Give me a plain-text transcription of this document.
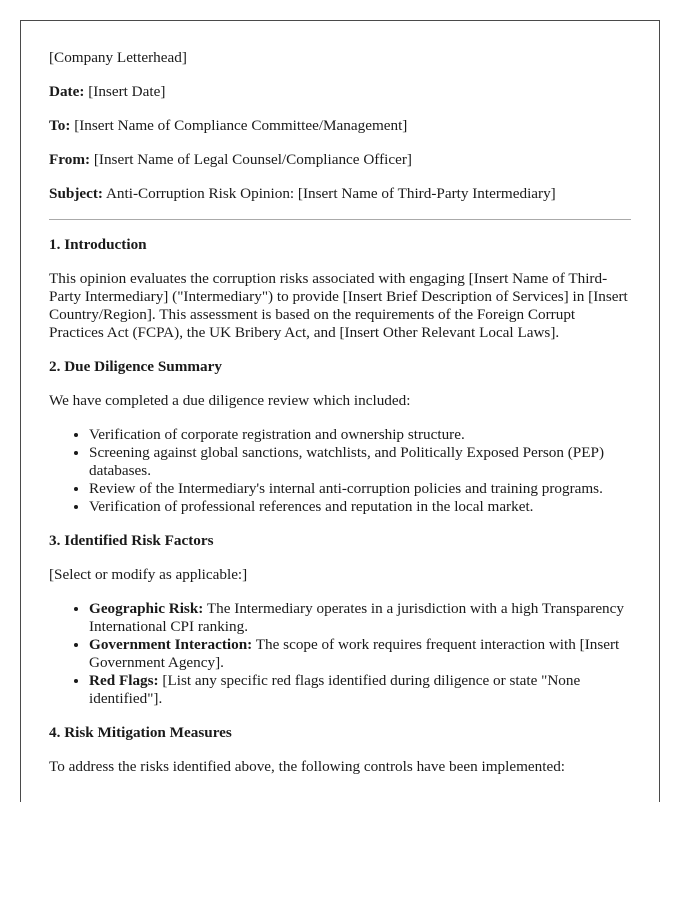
[Company Letterhead]
Date: [Insert Date]
To: [Insert Name of Compliance Committee/Management]
From: [Insert Name of Legal Counsel/Compliance Officer]
Subject: Anti-Corruption Risk Opinion: [Insert Name of Third-Party Intermediary]
1. Introduction

This opinion evaluates the corruption risks associated with engaging [Insert Name of Third-Party Intermediary] ("Intermediary") to provide [Insert Brief Description of Services] in [Insert Country/Region]. This assessment is based on the requirements of the Foreign Corrupt Practices Act (FCPA), the UK Bribery Act, and [Insert Other Relevant Local Laws].

2. Due Diligence Summary

We have completed a due diligence review which included:

• Verification of corporate registration and ownership structure.
• Screening against global sanctions, watchlists, and Politically Exposed Person (PEP) databases.
• Review of the Intermediary's internal anti-corruption policies and training programs.
• Verification of professional references and reputation in the local market.
3. Identified Risk Factors

[Select or modify as applicable:]

• Geographic Risk: The Intermediary operates in a jurisdiction with a high Transparency International CPI ranking.
• Government Interaction: The scope of work requires frequent interaction with [Insert Government Agency].
• Red Flags: [List any specific red flags identified during diligence or state "None identified"].
4. Risk Mitigation Measures

To address the risks identified above, the following controls have been implemented:
